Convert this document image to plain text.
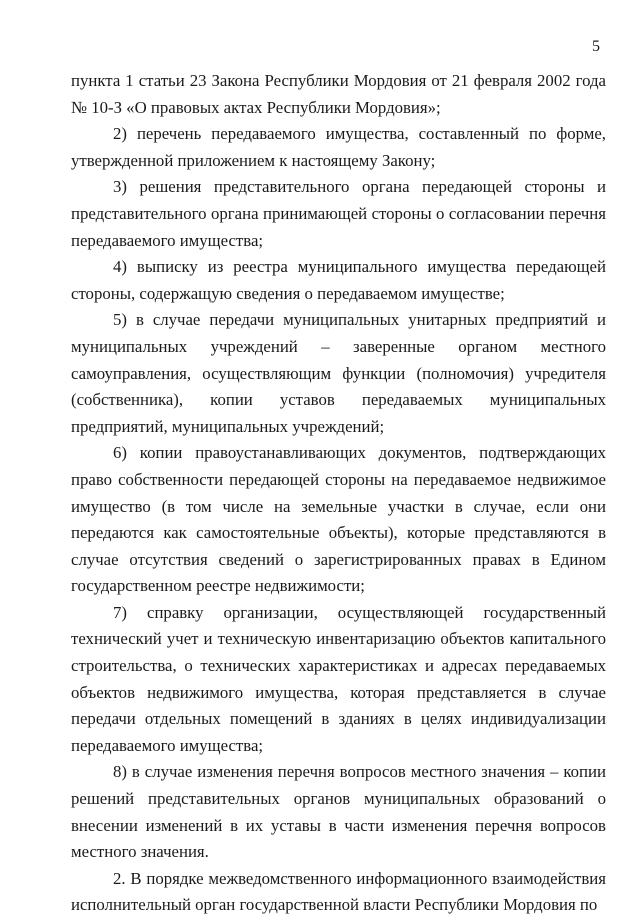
5

пункта 1 статьи 23 Закона Республики Мордовия от 21 февраля 2002 года № 10-З «О правовых актах Республики Мордовия»;

2) перечень передаваемого имущества, составленный по форме, утвержденной приложением к настоящему Закону;

3) решения представительного органа передающей стороны и представительного органа принимающей стороны о согласовании перечня передаваемого имущества;

4) выписку из реестра муниципального имущества передающей стороны, содержащую сведения о передаваемом имуществе;

5) в случае передачи муниципальных унитарных предприятий и муниципальных учреждений – заверенные органом местного самоуправления, осуществляющим функции (полномочия) учредителя (собственника), копии уставов передаваемых муниципальных предприятий, муниципальных учреждений;

6) копии правоустанавливающих документов, подтверждающих право собственности передающей стороны на передаваемое недвижимое имущество (в том числе на земельные участки в случае, если они передаются как самостоятельные объекты), которые представляются в случае отсутствия сведений о зарегистрированных правах в Едином государственном реестре недвижимости;

7) справку организации, осуществляющей государственный технический учет и техническую инвентаризацию объектов капитального строительства, о технических характеристиках и адресах передаваемых объектов недвижимого имущества, которая представляется в случае передачи отдельных помещений в зданиях в целях индивидуализации передаваемого имущества;

8) в случае изменения перечня вопросов местного значения – копии решений представительных органов муниципальных образований о внесении изменений в их уставы в части изменения перечня вопросов местного значения.

2. В порядке межведомственного информационного взаимодействия исполнительный орган государственной власти Республики Мордовия по
